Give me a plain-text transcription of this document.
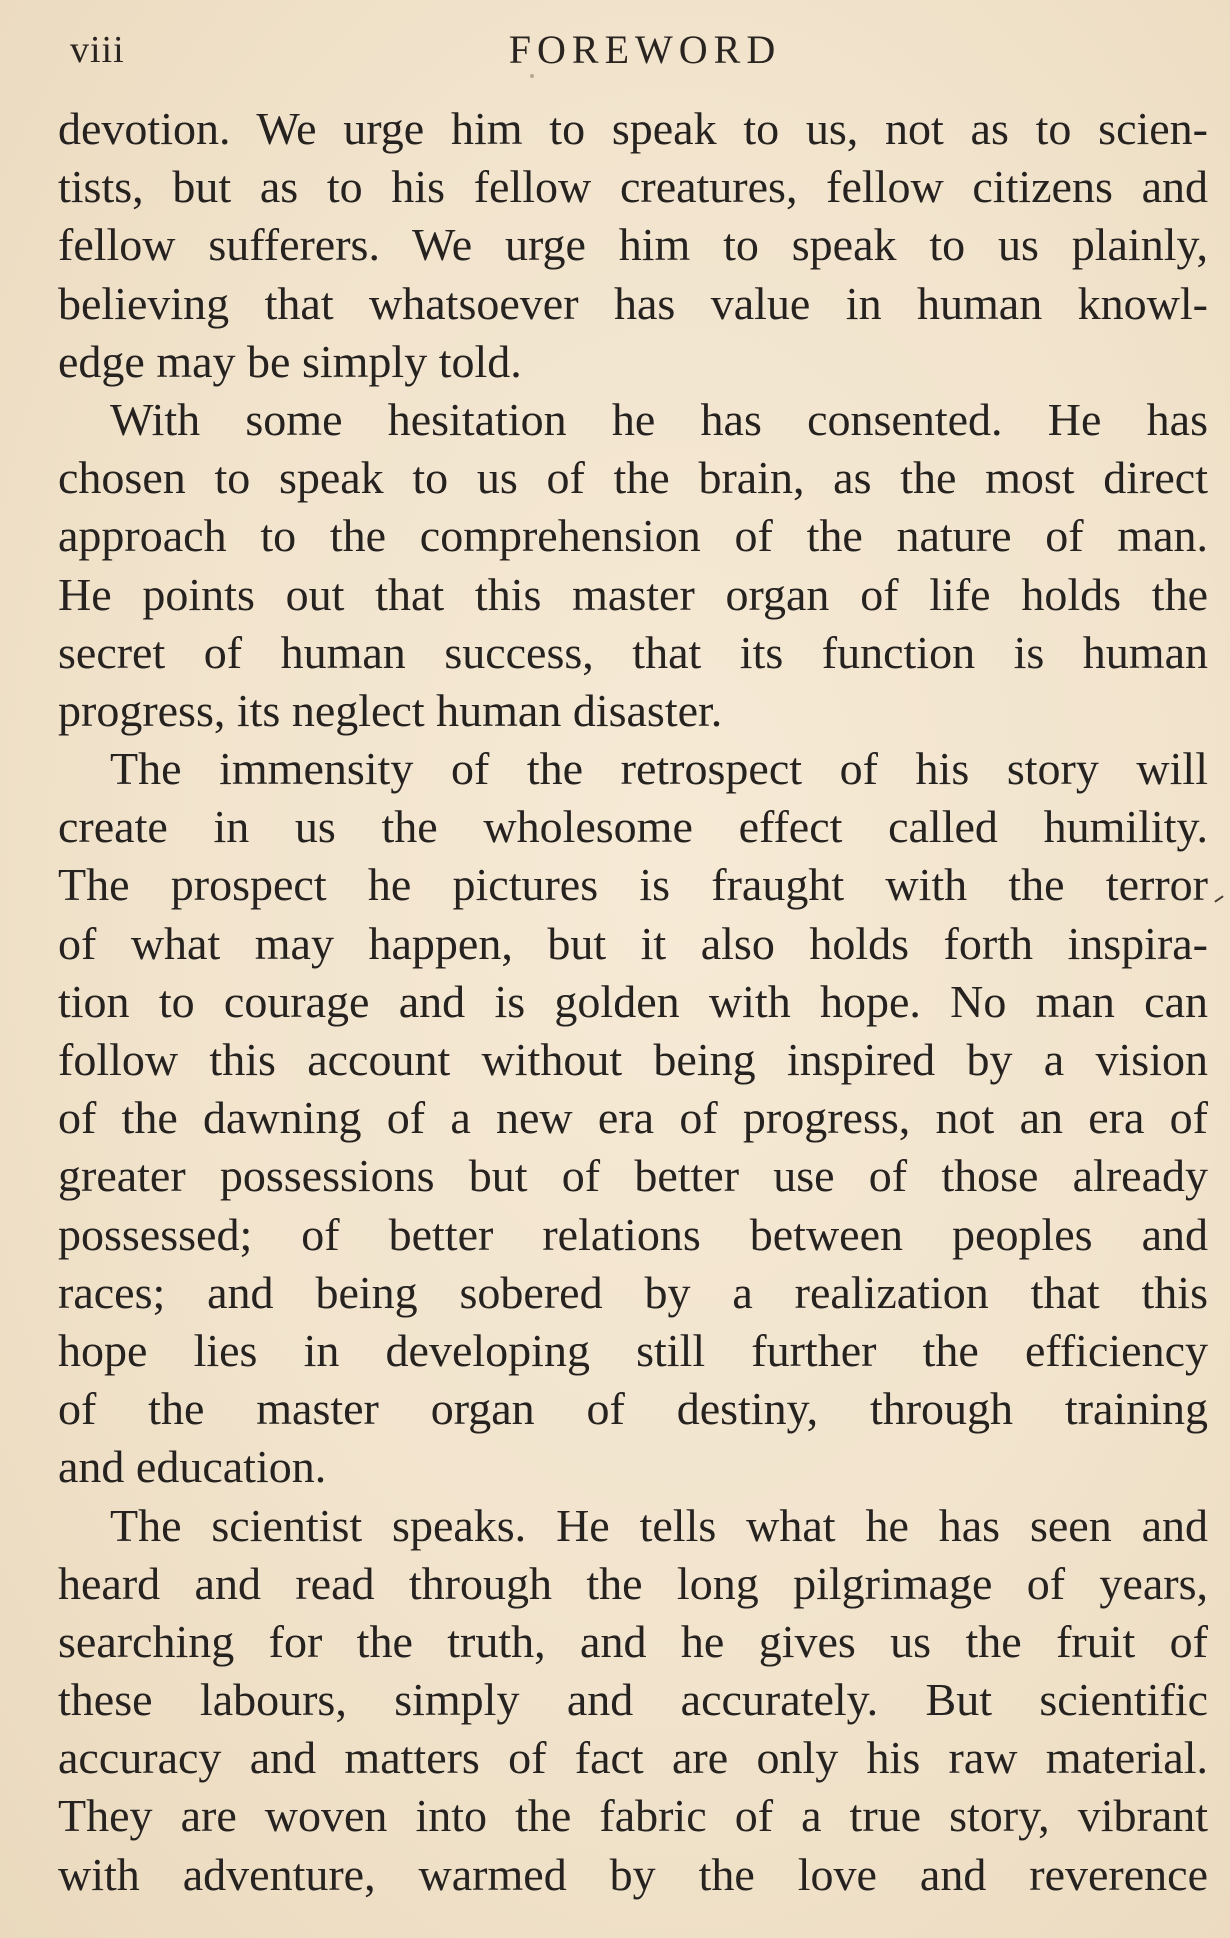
viii	FOREWORD
devotion. We urge him to speak to us, not as to scien-
tists, but as to his fellow creatures, fellow citizens and
fellow sufferers. We urge him to speak to us plainly,
believing that whatsoever has value in human knowl-
edge may be simply told.
With some hesitation he has consented. He has
chosen to speak to us of the brain, as the most direct
approach to the comprehension of the nature of man.
He points out that this master organ of life holds the
secret of human success, that its function is human
progress, its neglect human disaster.
The immensity of the retrospect of his story will
create in us the wholesome effect called humility.
The prospect he pictures is fraught with the terror
of what may happen, but it also holds forth inspira-
tion to courage and is golden with hope. No man can
follow this account without being inspired by a vision
of the dawning of a new era of progress, not an era of
greater possessions but of better use of those already
possessed; of better relations between peoples and
races; and being sobered by a realization that this
hope lies in developing still further the efficiency
of the master organ of destiny, through training
and education.
The scientist speaks. He tells what he has seen and
heard and read through the long pilgrimage of years,
searching for the truth, and he gives us the fruit of
these labours, simply and accurately. But scientific
accuracy and matters of fact are only his raw material.
They are woven into the fabric of a true story, vibrant
with adventure, warmed by the love and reverence
